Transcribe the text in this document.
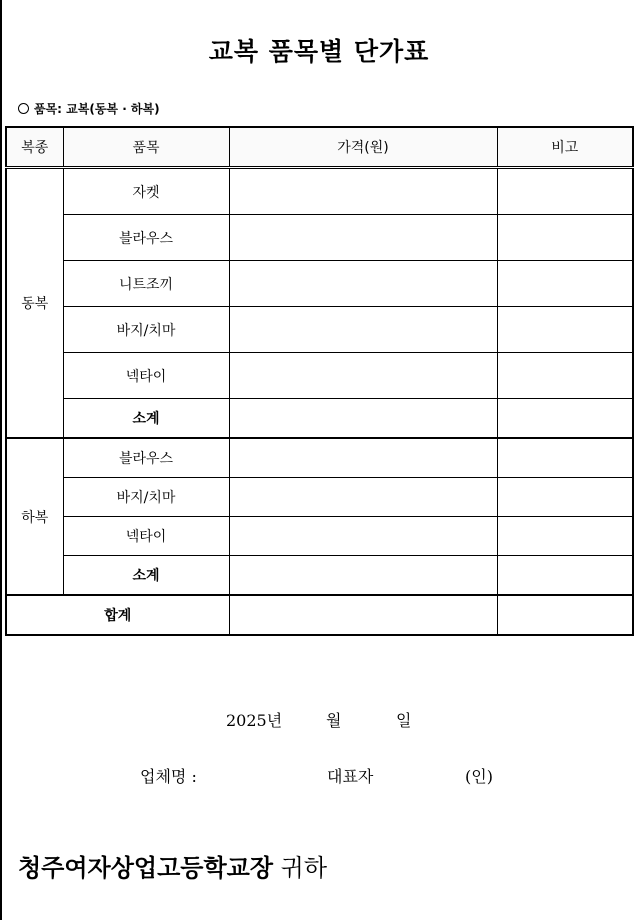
교복 품목별 단가표
품목: 교복(동복 · 하복)
복종	품목	가격(원)	비고
동복	자켓		
	블라우스		
	니트조끼		
	바지/치마		
	넥타이		
	소계		
하복	블라우스		
	바지/치마		
	넥타이		
	소계		
합계			
2025년	월	일
업체명 :	대표자	(인)
청주여자상업고등학교장 귀하
